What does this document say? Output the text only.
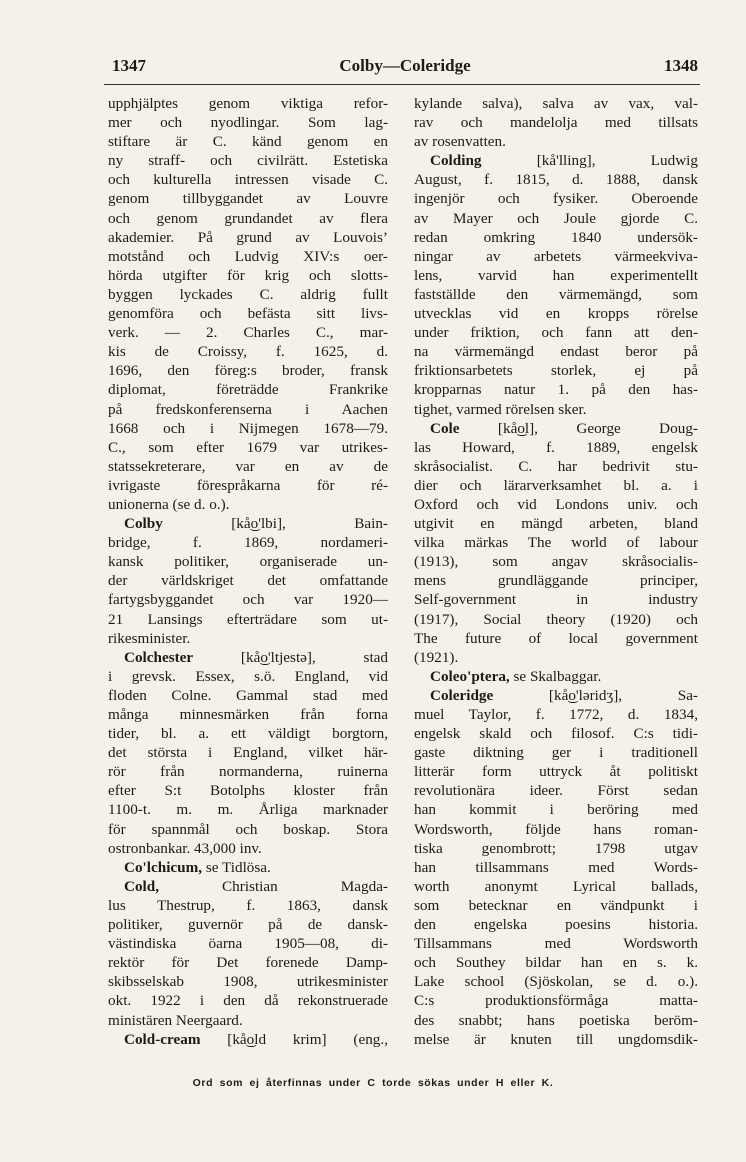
1347	Colby—Coleridge	1348
upphjälptes genom viktiga refor-
mer och nyodlingar. Som lag-
stiftare är C. känd genom en
ny straff- och civilrätt. Estetiska
och kulturella intressen visade C.
genom tillbyggandet av Louvre
och genom grundandet av flera
akademier. På grund av Louvois’
motstånd och Ludvig XIV:s oer-
hörda utgifter för krig och slotts-
byggen lyckades C. aldrig fullt
genomföra och befästa sitt livs-
verk. — 2. Charles C., mar-
kis de Croissy, f. 1625, d.
1696, den föreg:s broder, fransk
diplomat, företrädde Frankrike
på fredskonferenserna i Aachen
1668 och i Nijmegen 1678—79.
C., som efter 1679 var utrikes-
statssekreterare, var en av de
ivrigaste förespråkarna för ré-
unionerna (se d. o.).
Colby [kå͜o'lbi], Bain-
bridge, f. 1869, nordameri-
kansk politiker, organiserade un-
der världskriget det omfattande
fartygsbyggandet och var 1920—
21 Lansings efterträdare som ut-
rikesminister.
Colchester [kå͜o'ltjestə], stad
i grevsk. Essex, s.ö. England, vid
floden Colne. Gammal stad med
många minnesmärken från forna
tider, bl. a. ett väldigt borgtorn,
det största i England, vilket här-
rör från normanderna, ruinerna
efter S:t Botolphs kloster från
1100-t. m. m. Årliga marknader
för spannmål och boskap. Stora
ostronbankar. 43,000 inv.
Co'lchicum, se Tidlösa.
Cold, Christian Magda-
lus Thestrup, f. 1863, dansk
politiker, guvernör på de dansk-
västindiska öarna 1905—08, di-
rektör för Det forenede Damp-
skibsselskab 1908, utrikesminister
okt. 1922 i den då rekonstruerade
ministären Neergaard.
Cold-cream [kå͜old krim] (eng.,
kylande salva), salva av vax, val-
rav och mandelolja med tillsats
av rosenvatten.
Colding [kå'lling], Ludwig
August, f. 1815, d. 1888, dansk
ingenjör och fysiker. Oberoende
av Mayer och Joule gjorde C.
redan omkring 1840 undersök-
ningar av arbetets värmeekviva-
lens, varvid han experimentellt
fastställde den värmemängd, som
utvecklas vid en kropps rörelse
under friktion, och fann att den-
na värmemängd endast beror på
friktionsarbetets storlek, ej på
kropparnas natur 1. på den has-
tighet, varmed rörelsen sker.
Cole [kå͜ol], George Doug-
las Howard, f. 1889, engelsk
skråsocialist. C. har bedrivit stu-
dier och lärarverksamhet bl. a. i
Oxford och vid Londons univ. och
utgivit en mängd arbeten, bland
vilka märkas The world of labour
(1913), som angav skråsocialis-
mens grundläggande principer,
Self-government in industry
(1917), Social theory (1920) och
The future of local government
(1921).
Coleo'ptera, se Skalbaggar.
Coleridge [kå͜o'ləridʒ], Sa-
muel Taylor, f. 1772, d. 1834,
engelsk skald och filosof. C:s tidi-
gaste diktning ger i traditionell
litterär form uttryck åt politiskt
revolutionära ideer. Först sedan
han kommit i beröring med
Wordsworth, följde hans roman-
tiska genombrott; 1798 utgav
han tillsammans med Words-
worth anonymt Lyrical ballads,
som betecknar en vändpunkt i
den engelska poesins historia.
Tillsammans med Wordsworth
och Southey bildar han en s. k.
Lake school (Sjöskolan, se d. o.).
C:s produktionsförmåga matta-
des snabbt; hans poetiska beröm-
melse är knuten till ungdomsdik-
Ord som ej återfinnas under C torde sökas under H eller K.
